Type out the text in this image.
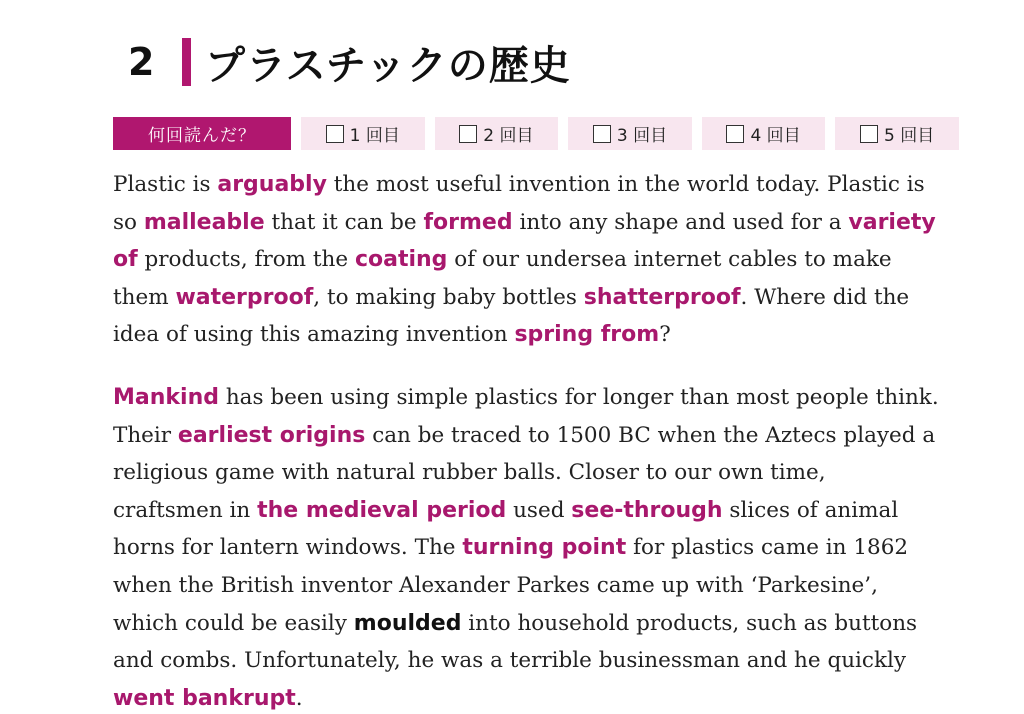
2 プラスチックの歴史
何回読んだ？	1 回目	2 回目	3 回目	4 回目	5 回目
Plastic is arguably the most useful invention in the world today. Plastic is
so malleable that it can be formed into any shape and used for a variety
of products, from the coating of our undersea internet cables to make
them waterproof, to making baby bottles shatterproof. Where did the
idea of using this amazing invention spring from?
Mankind has been using simple plastics for longer than most people think.
Their earliest origins can be traced to 1500 BC when the Aztecs played a
religious game with natural rubber balls. Closer to our own time,
craftsmen in the medieval period used see-through slices of animal
horns for lantern windows. The turning point for plastics came in 1862
when the British inventor Alexander Parkes came up with ‘Parkesine’,
which could be easily moulded into household products, such as buttons
and combs. Unfortunately, he was a terrible businessman and he quickly
went bankrupt.
